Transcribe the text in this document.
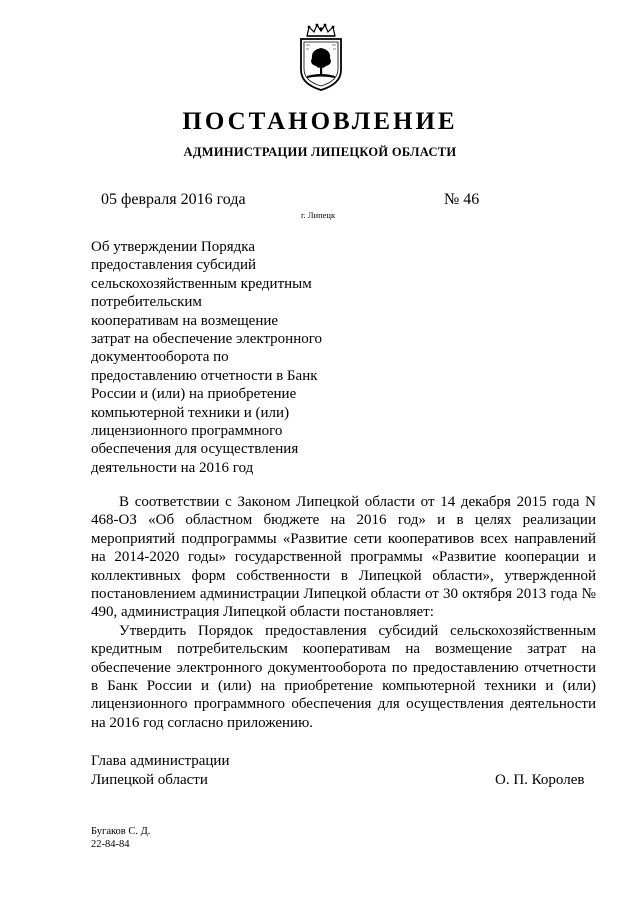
ПОСТАНОВЛЕНИЕ
АДМИНИСТРАЦИИ ЛИПЕЦКОЙ ОБЛАСТИ
05 февраля 2016 года
г. Липецк
№ 46
Об утверждении Порядка
предоставления субсидий
сельскохозяйственным кредитным
потребительским
кооперативам на возмещение
затрат на обеспечение электронного
документооборота по
предоставлению отчетности в Банк
России и (или) на приобретение
компьютерной техники и (или)
лицензионного программного
обеспечения для осуществления
деятельности на 2016 год

В соответствии с Законом Липецкой области от 14 декабря 2015 года N 468-ОЗ «Об областном бюджете на 2016 год» и в целях реализации мероприятий подпрограммы «Развитие сети кооперативов всех направлений на 2014-2020 годы» государственной программы «Развитие кооперации и коллективных форм собственности в Липецкой области», утвержденной постановлением администрации Липецкой области от 30 октября 2013 года № 490, администрация Липецкой области постановляет:

Утвердить Порядок предоставления субсидий сельскохозяйственным кредитным потребительским кооперативам на возмещение затрат на обеспечение электронного документооборота по предоставлению отчетности в Банк России и (или) на приобретение компьютерной техники и (или) лицензионного программного обеспечения для осуществления деятельности на 2016 год согласно приложению.

Глава администрации
Липецкой области	О. П. Королев
Бугаков С. Д.
22-84-84
